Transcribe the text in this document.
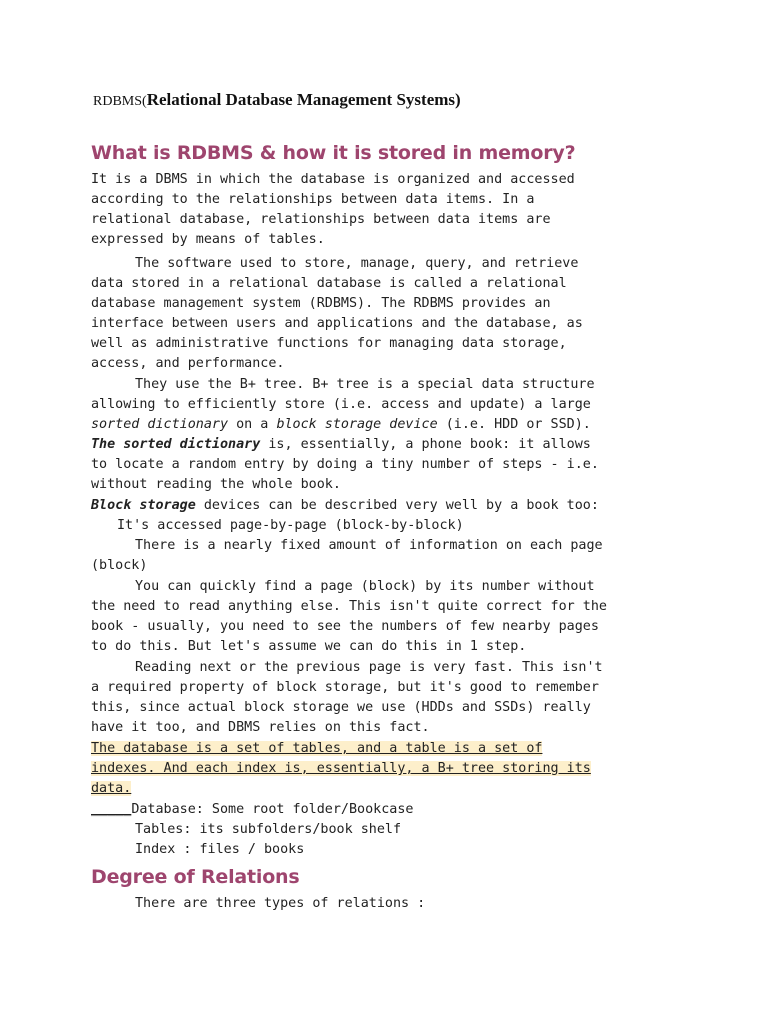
RDBMS(Relational Database Management Systems)
What is RDBMS & how it is stored in memory?
It is a DBMS in which the database is organized and accessed
according to the relationships between data items. In a
relational database, relationships between data items are
expressed by means of tables.
The software used to store, manage, query, and retrieve
data stored in a relational database is called a relational
database management system (RDBMS). The RDBMS provides an
interface between users and applications and the database, as
well as administrative functions for managing data storage,
access, and performance.
They use the B+ tree. B+ tree is a special data structure
allowing to efficiently store (i.e. access and update) a large
sorted dictionary on a block storage device (i.e. HDD or SSD).
The sorted dictionary is, essentially, a phone book: it allows
to locate a random entry by doing a tiny number of steps - i.e.
without reading the whole book.
Block storage devices can be described very well by a book too:
It's accessed page-by-page (block-by-block)
There is a nearly fixed amount of information on each page
(block)
You can quickly find a page (block) by its number without
the need to read anything else. This isn't quite correct for the
book - usually, you need to see the numbers of few nearby pages
to do this. But let's assume we can do this in 1 step.
Reading next or the previous page is very fast. This isn't
a required property of block storage, but it's good to remember
this, since actual block storage we use (HDDs and SSDs) really
have it too, and DBMS relies on this fact.
The database is a set of tables, and a table is a set of
indexes. And each index is, essentially, a B+ tree storing its
data.
_____Database: Some root folder/Bookcase
Tables: its subfolders/book shelf
Index : files / books
Degree of Relations
There are three types of relations :
